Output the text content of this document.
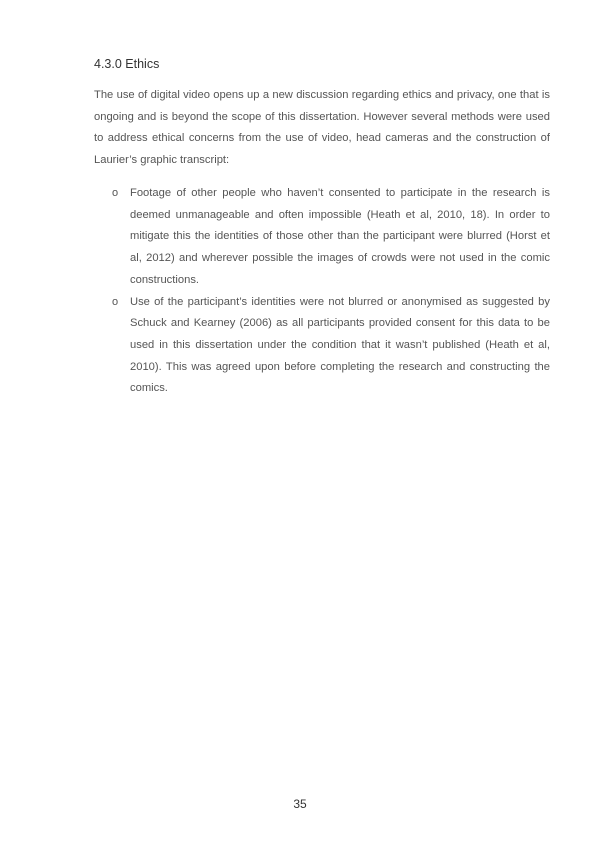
4.3.0 Ethics

The use of digital video opens up a new discussion regarding ethics and privacy, one that is ongoing and is beyond the scope of this dissertation. However several methods were used to address ethical concerns from the use of video, head cameras and the construction of Laurier’s graphic transcript:

o Footage of other people who haven’t consented to participate in the research is deemed unmanageable and often impossible (Heath et al, 2010, 18). In order to mitigate this the identities of those other than the participant were blurred (Horst et al, 2012) and wherever possible the images of crowds were not used in the comic constructions.
o Use of the participant’s identities were not blurred or anonymised as suggested by Schuck and Kearney (2006) as all participants provided consent for this data to be used in this dissertation under the condition that it wasn’t published (Heath et al, 2010). This was agreed upon before completing the research and constructing the comics.
35
